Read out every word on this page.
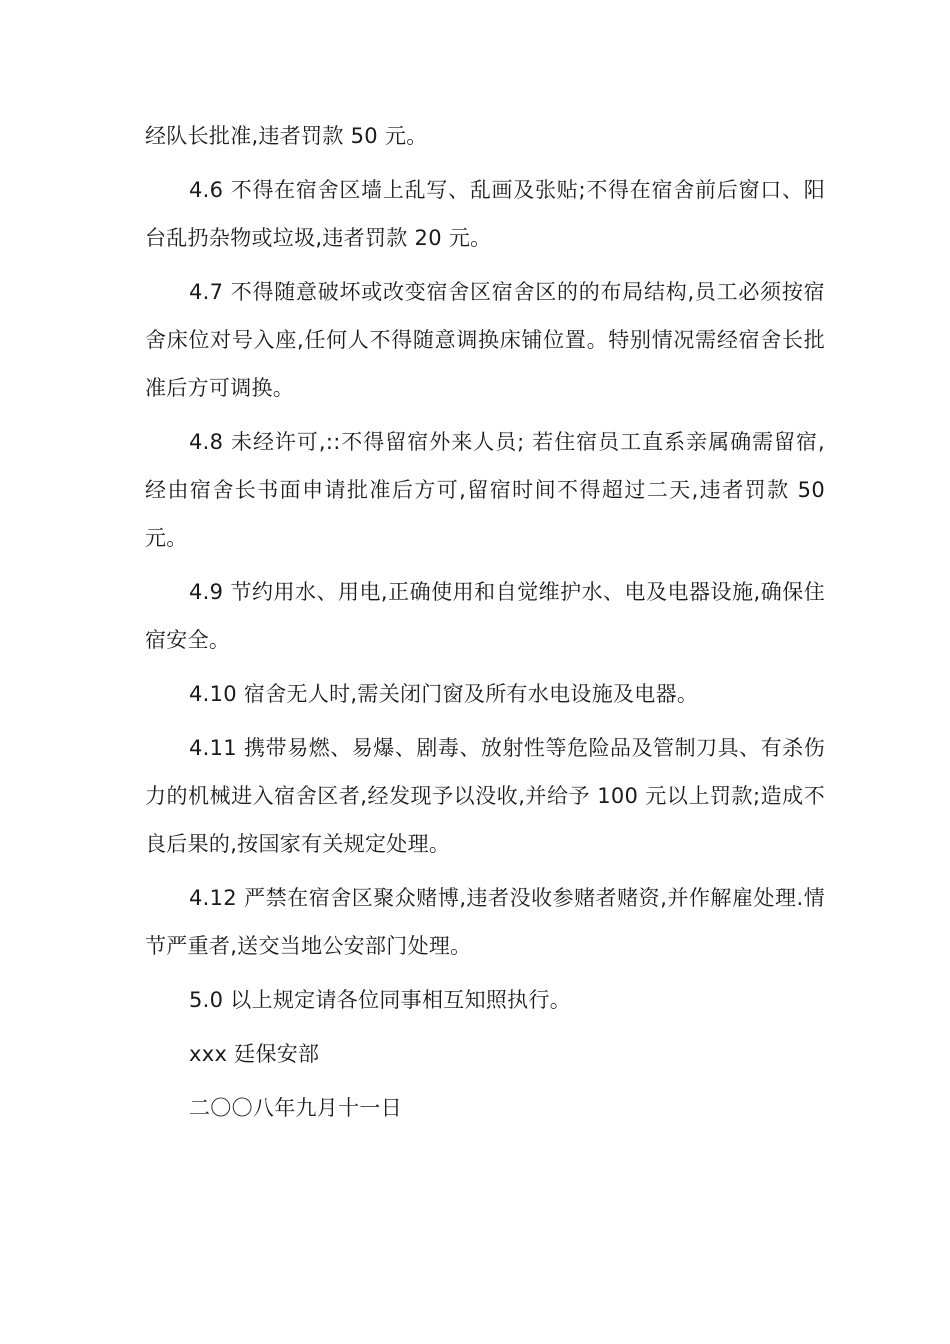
经队长批准,违者罚款 50 元。

4.6 不得在宿舍区墙上乱写、乱画及张贴;不得在宿舍前后窗口、阳台乱扔杂物或垃圾,违者罚款 20 元。

4.7 不得随意破坏或改变宿舍区宿舍区的的布局结构,员工必须按宿舍床位对号入座,任何人不得随意调换床铺位置。特别情况需经宿舍长批准后方可调换。

4.8 未经许可,::不得留宿外来人员; 若住宿员工直系亲属确需留宿,经由宿舍长书面申请批准后方可,留宿时间不得超过二天,违者罚款 50 元。

4.9 节约用水、用电,正确使用和自觉维护水、电及电器设施,确保住宿安全。

4.10 宿舍无人时,需关闭门窗及所有水电设施及电器。

4.11 携带易燃、易爆、剧毒、放射性等危险品及管制刀具、有杀伤力的机械进入宿舍区者,经发现予以没收,并给予 100 元以上罚款;造成不良后果的,按国家有关规定处理。

4.12 严禁在宿舍区聚众赌博,违者没收参赌者赌资,并作解雇处理.情节严重者,送交当地公安部门处理。

5.0 以上规定请各位同事相互知照执行。

xxx 廷保安部

二〇〇八年九月十一日
